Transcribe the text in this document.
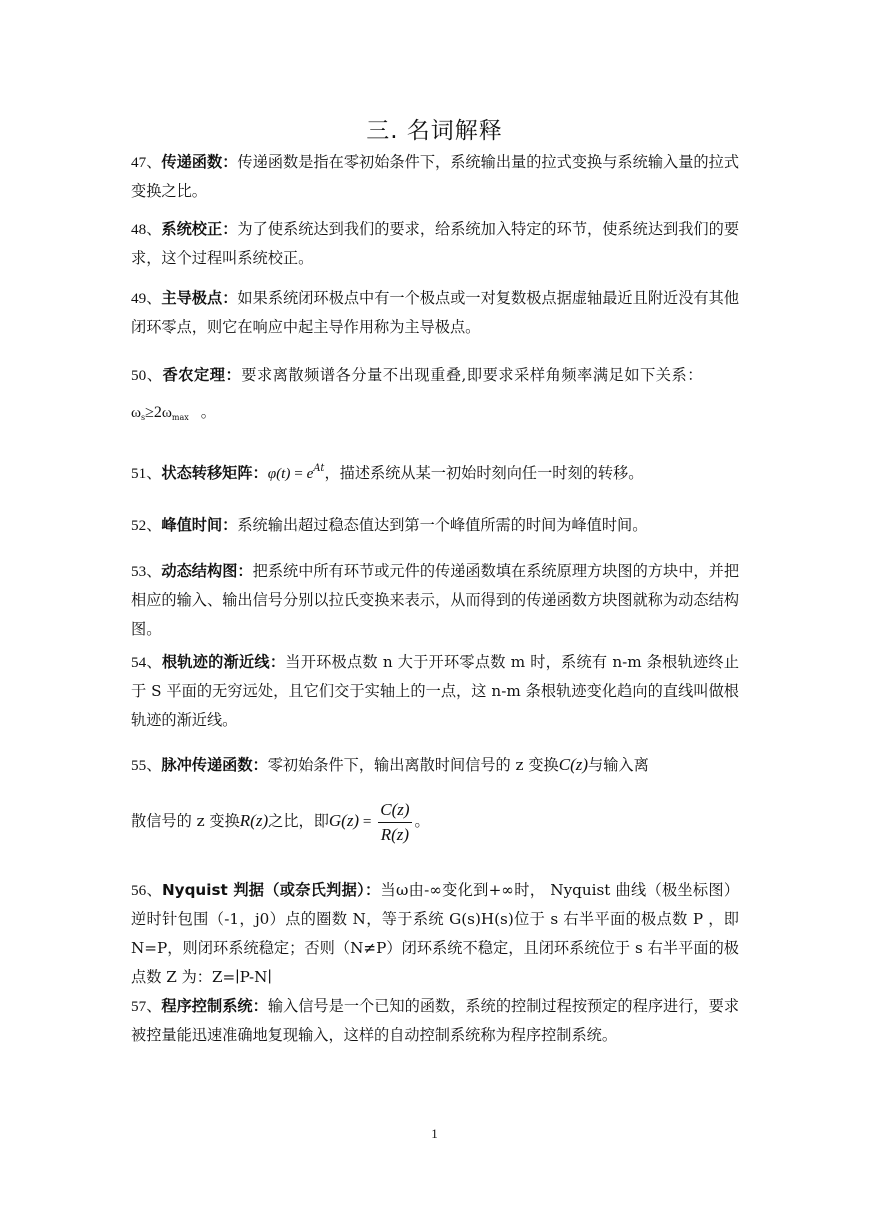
三. 名词解释
47、传递函数：传递函数是指在零初始条件下，系统输出量的拉式变换与系统输入量的拉式变换之比。
48、系统校正：为了使系统达到我们的要求，给系统加入特定的环节，使系统达到我们的要求，这个过程叫系统校正。
49、主导极点：如果系统闭环极点中有一个极点或一对复数极点据虚轴最近且附近没有其他闭环零点，则它在响应中起主导作用称为主导极点。
50、香农定理：要求离散频谱各分量不出现重叠,即要求采样角频率满足如下关系：$\omega_s\ge 2\omega_{max}$ 。
51、状态转移矩阵：$\varphi(t) = e^{At}$，描述系统从某一初始时刻向任一时刻的转移。
52、峰值时间：系统输出超过稳态值达到第一个峰值所需的时间为峰值时间。
53、动态结构图：把系统中所有环节或元件的传递函数填在系统原理方块图的方块中，并把相应的输入、输出信号分别以拉氏变换来表示，从而得到的传递函数方块图就称为动态结构图。
54、根轨迹的渐近线：当开环极点数 n 大于开环零点数 m 时，系统有 n-m 条根轨迹终止于 S 平面的无穷远处，且它们交于实轴上的一点，这 n-m 条根轨迹变化趋向的直线叫做根轨迹的渐近线。
55、脉冲传递函数：零初始条件下，输出离散时间信号的 z 变换C(z)与输入离
散信号的 z 变换R(z)之比，即$G(z) = \frac{C(z)}{R(z)}$ 。
56、Nyquist 判据（或奈氏判据）：当ω由-∞变化到+∞时， Nyquist 曲线（极坐标图）逆时针包围（-1，j0）点的圈数 N，等于系统 G(s)H(s)位于 s 右半平面的极点数 P ，即 N=P，则闭环系统稳定；否则（N≠P）闭环系统不稳定，且闭环系统位于 s 右半平面的极点数 Z 为：Z=∣P-N∣
57、程序控制系统：输入信号是一个已知的函数，系统的控制过程按预定的程序进行，要求被控量能迅速准确地复现输入，这样的自动控制系统称为程序控制系统。
1
